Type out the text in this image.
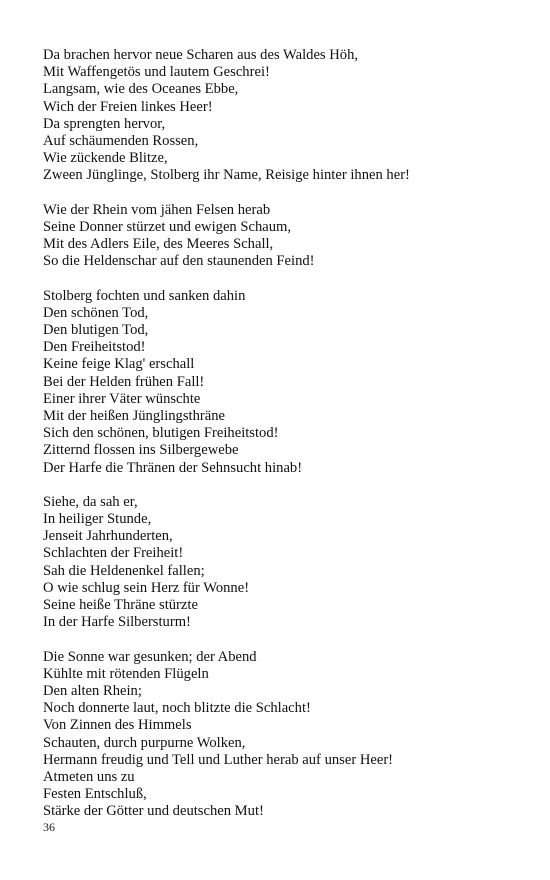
Da brachen hervor neue Scharen aus des Waldes Höh,
Mit Waffengetös und lautem Geschrei!
Langsam, wie des Oceanes Ebbe,
Wich der Freien linkes Heer!
Da sprengten hervor,
Auf schäumenden Rossen,
Wie zückende Blitze,
Zween Jünglinge, Stolberg ihr Name, Reisige hinter ihnen her!
Wie der Rhein vom jähen Felsen herab
Seine Donner stürzet und ewigen Schaum,
Mit des Adlers Eile, des Meeres Schall,
So die Heldenschar auf den staunenden Feind!
Stolberg fochten und sanken dahin
Den schönen Tod,
Den blutigen Tod,
Den Freiheitstod!
Keine feige Klag' erschall
Bei der Helden frühen Fall!
Einer ihrer Väter wünschte
Mit der heißen Jünglingsthräne
Sich den schönen, blutigen Freiheitstod!
Zitternd flossen ins Silbergewebe
Der Harfe die Thränen der Sehnsucht hinab!
Siehe, da sah er,
In heiliger Stunde,
Jenseit Jahrhunderten,
Schlachten der Freiheit!
Sah die Heldenenkel fallen;
O wie schlug sein Herz für Wonne!
Seine heiße Thräne stürzte
In der Harfe Silbersturm!
Die Sonne war gesunken; der Abend
Kühlte mit rötenden Flügeln
Den alten Rhein;
Noch donnerte laut, noch blitzte die Schlacht!
Von Zinnen des Himmels
Schauten, durch purpurne Wolken,
Hermann freudig und Tell und Luther herab auf unser Heer!
Atmeten uns zu
Festen Entschluß,
Stärke der Götter und deutschen Mut!
36
